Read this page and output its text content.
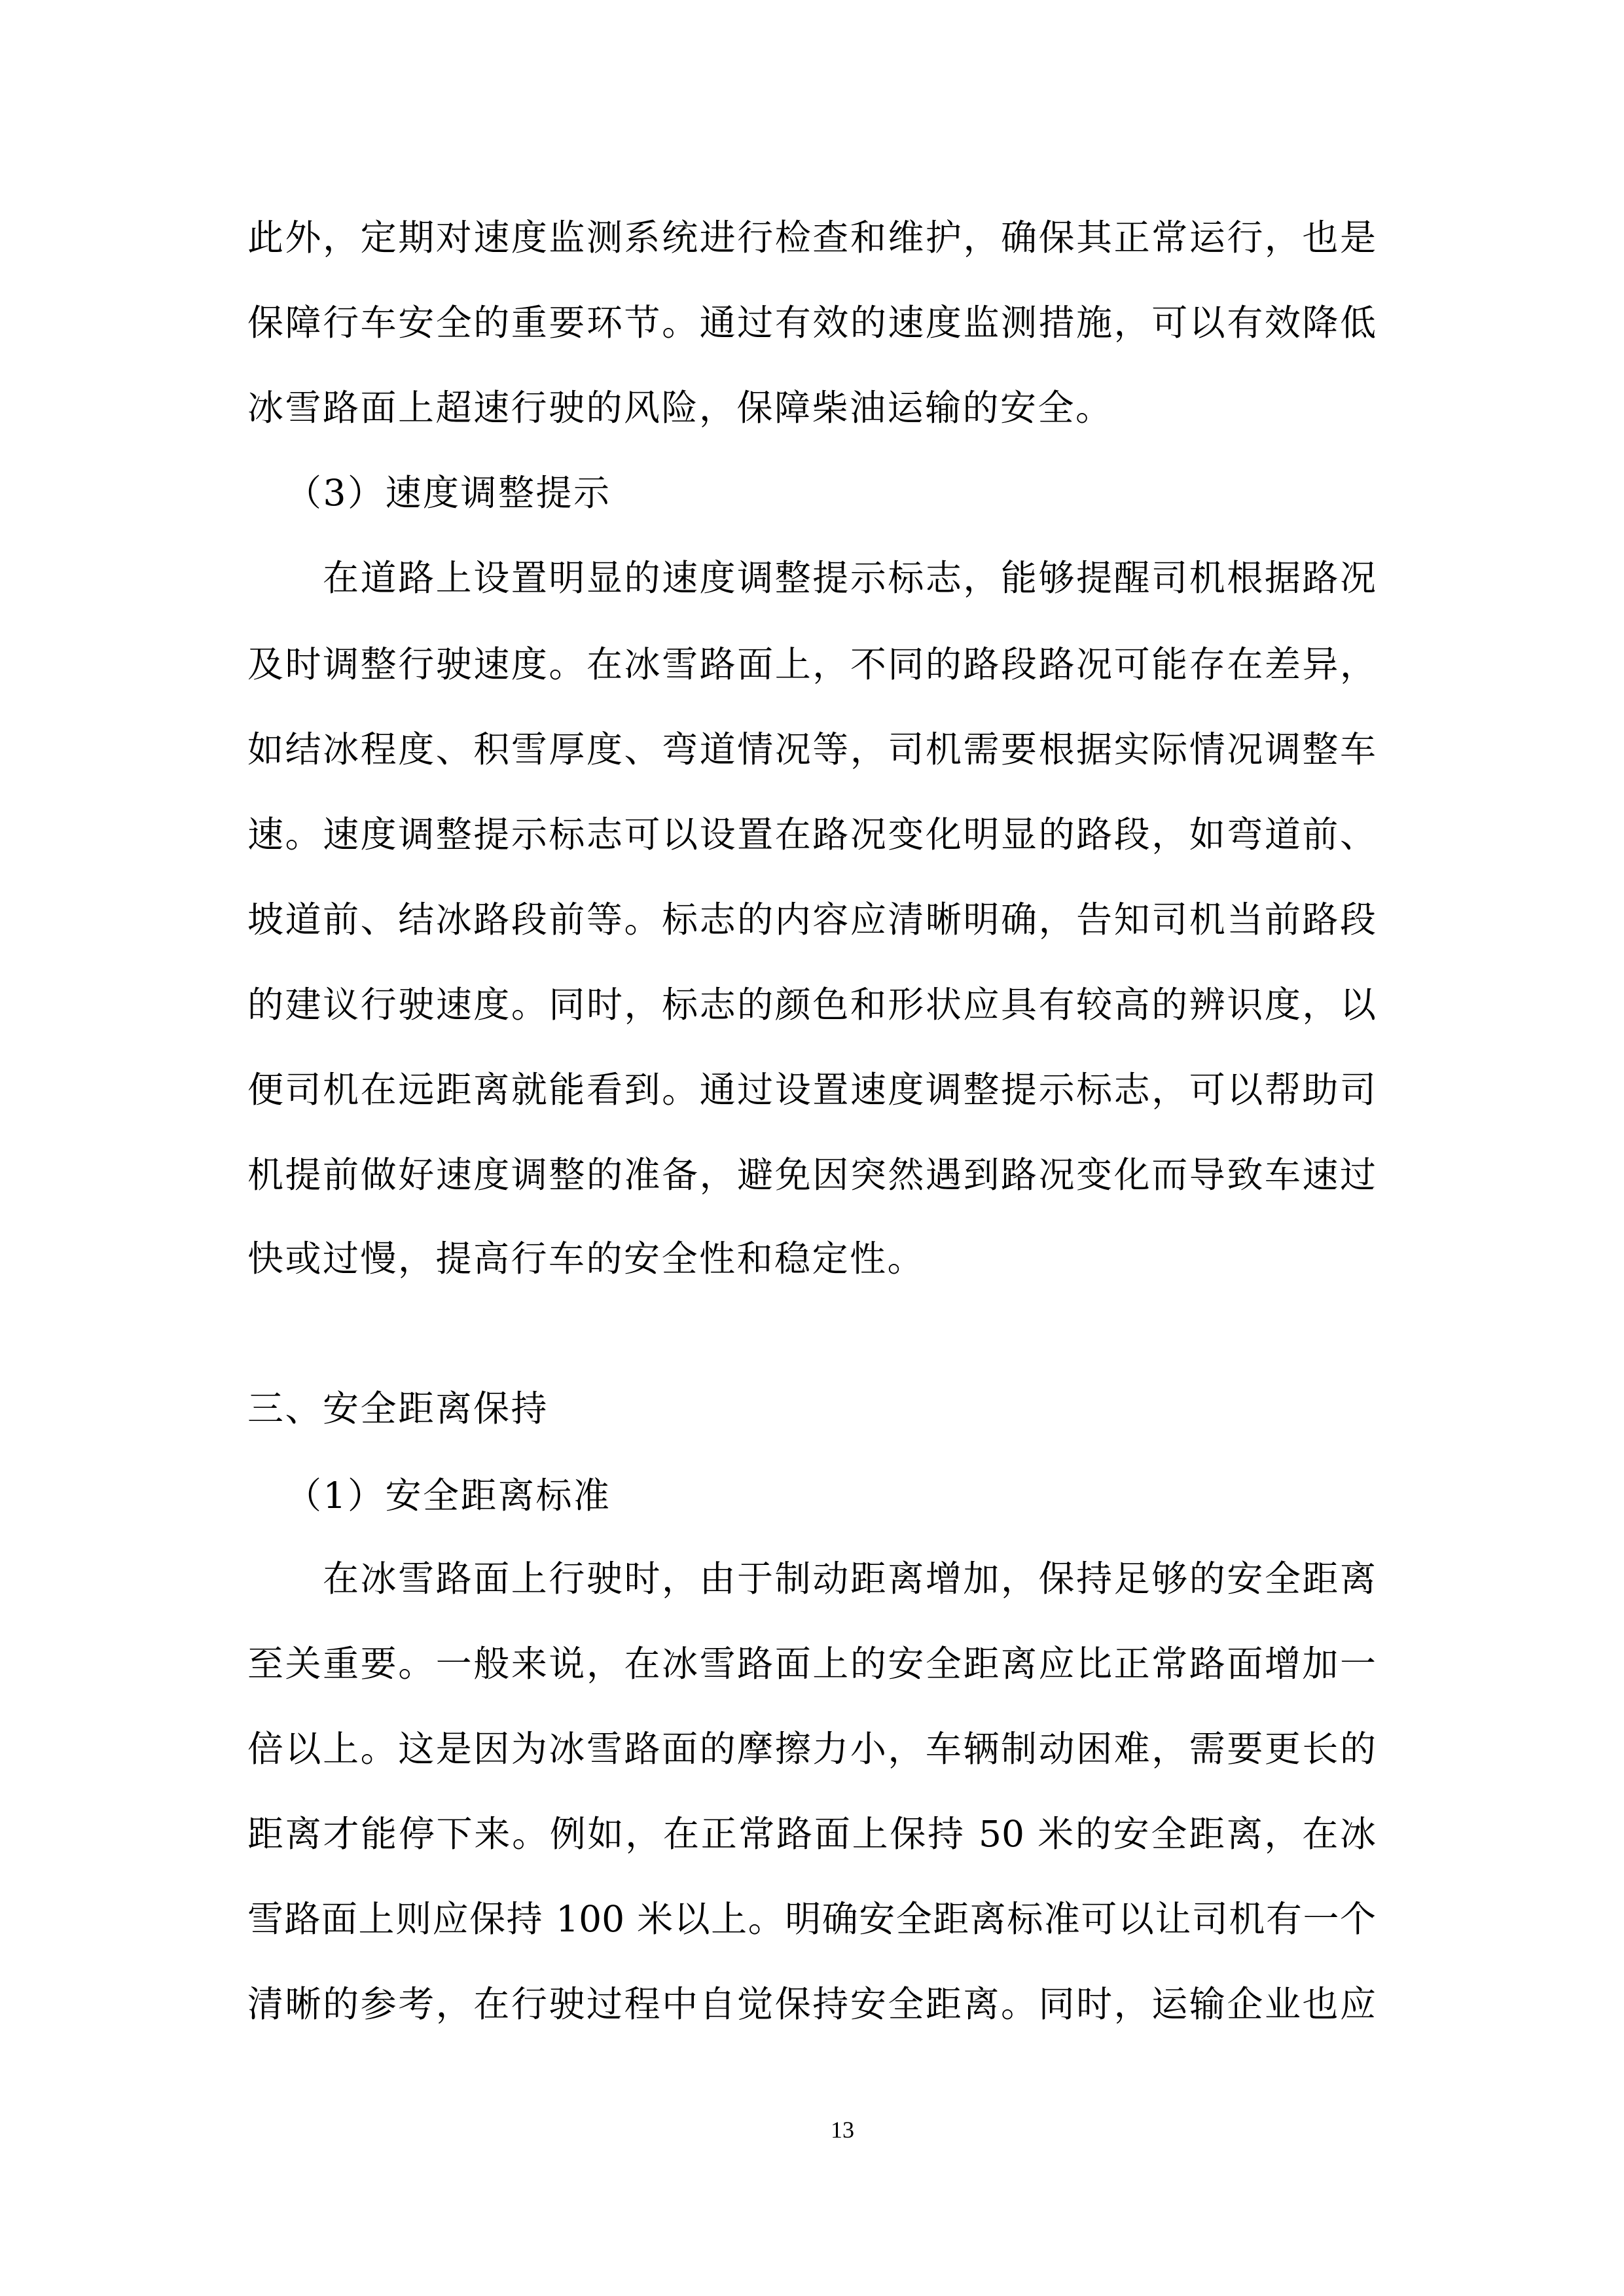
此外，定期对速度监测系统进行检查和维护，确保其正常运行，也是
保障行车安全的重要环节。通过有效的速度监测措施，可以有效降低
冰雪路面上超速行驶的风险，保障柴油运输的安全。
（3）速度调整提示
在道路上设置明显的速度调整提示标志，能够提醒司机根据路况
及时调整行驶速度。在冰雪路面上，不同的路段路况可能存在差异，
如结冰程度、积雪厚度、弯道情况等，司机需要根据实际情况调整车
速。速度调整提示标志可以设置在路况变化明显的路段，如弯道前、
坡道前、结冰路段前等。标志的内容应清晰明确，告知司机当前路段
的建议行驶速度。同时，标志的颜色和形状应具有较高的辨识度，以
便司机在远距离就能看到。通过设置速度调整提示标志，可以帮助司
机提前做好速度调整的准备，避免因突然遇到路况变化而导致车速过
快或过慢，提高行车的安全性和稳定性。
三、安全距离保持
（1）安全距离标准
在冰雪路面上行驶时，由于制动距离增加，保持足够的安全距离
至关重要。一般来说，在冰雪路面上的安全距离应比正常路面增加一
倍以上。这是因为冰雪路面的摩擦力小，车辆制动困难，需要更长的
距离才能停下来。例如，在正常路面上保持 50 米的安全距离，在冰
雪路面上则应保持 100 米以上。明确安全距离标准可以让司机有一个
清晰的参考，在行驶过程中自觉保持安全距离。同时，运输企业也应
13
